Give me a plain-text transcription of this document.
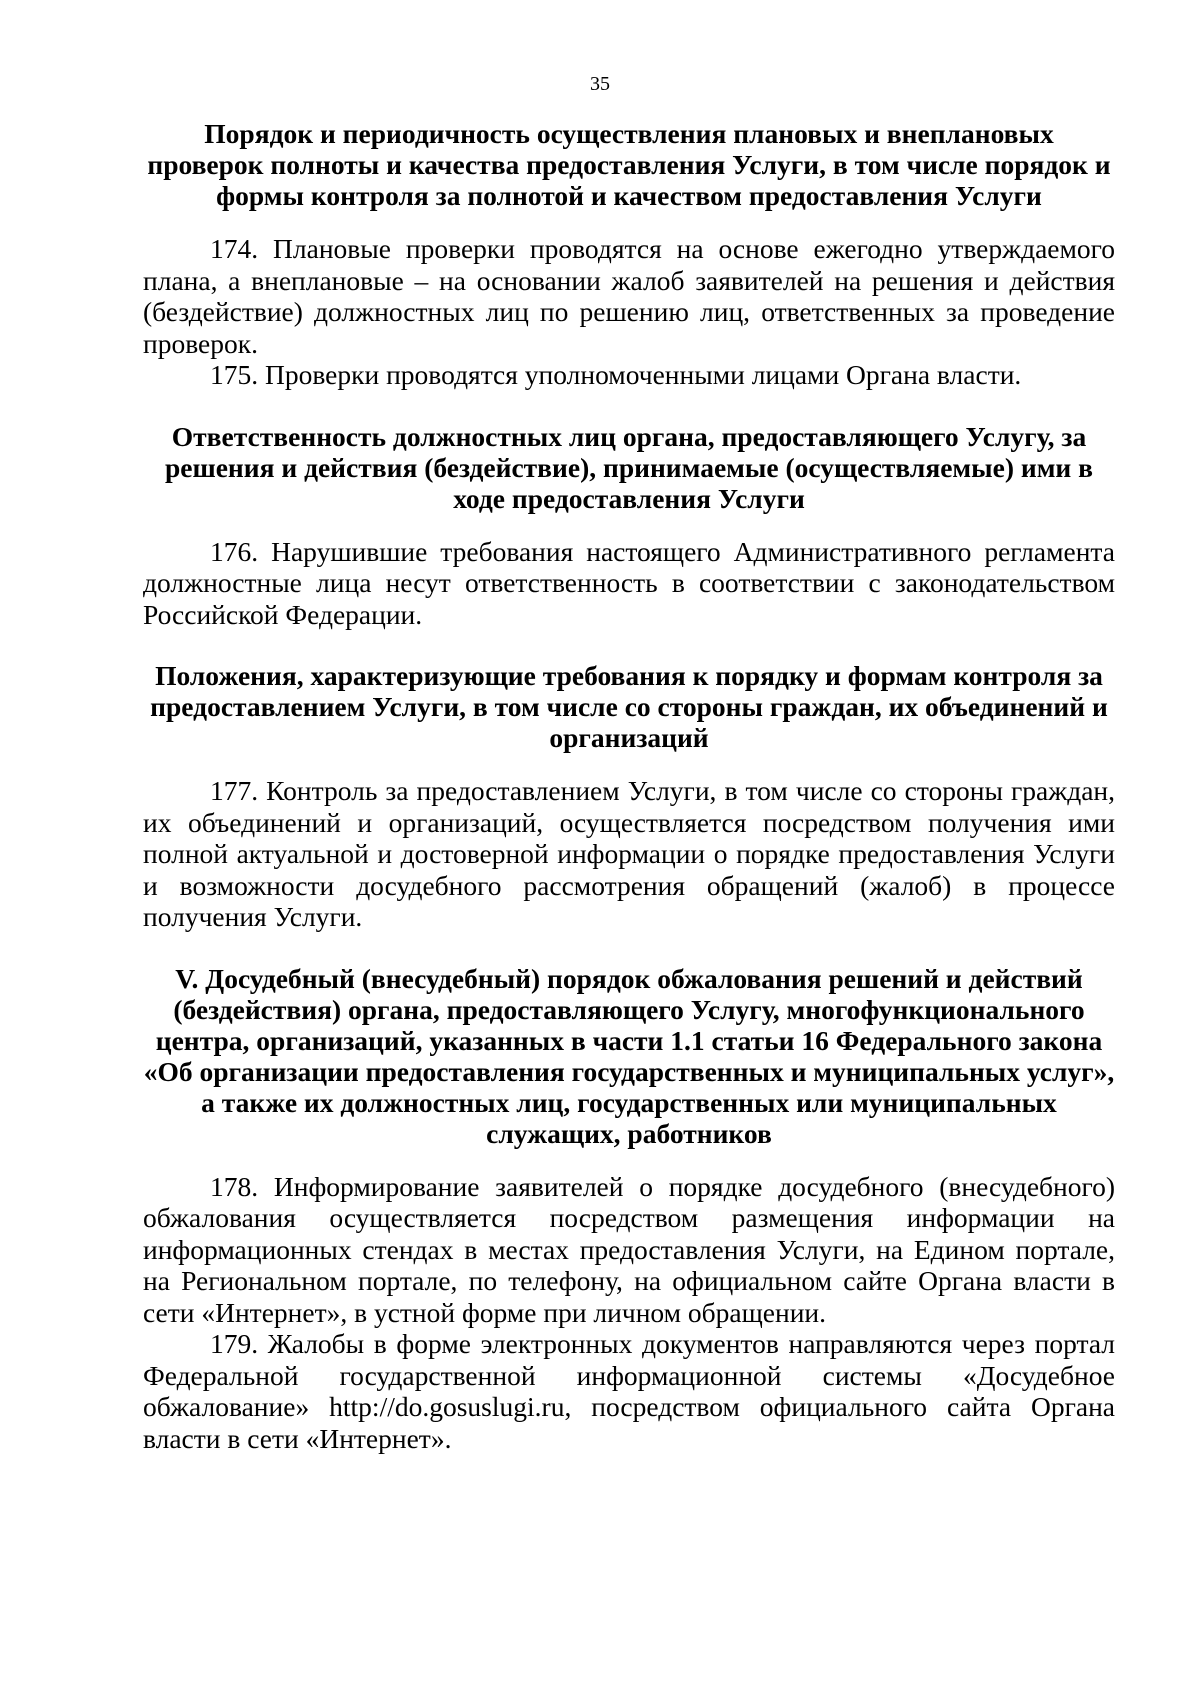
35
Порядок и периодичность осуществления плановых и внеплановых проверок полноты и качества предоставления Услуги, в том числе порядок и формы контроля за полнотой и качеством предоставления Услуги

174. Плановые проверки проводятся на основе ежегодно утверждаемого плана, а внеплановые – на основании жалоб заявителей на решения и действия (бездействие) должностных лиц по решению лиц, ответственных за проведение проверок.

175. Проверки проводятся уполномоченными лицами Органа власти.

Ответственность должностных лиц органа, предоставляющего Услугу, за решения и действия (бездействие), принимаемые (осуществляемые) ими в ходе предоставления Услуги

176. Нарушившие требования настоящего Административного регламента должностные лица несут ответственность в соответствии с законодательством Российской Федерации.

Положения, характеризующие требования к порядку и формам контроля за предоставлением Услуги, в том числе со стороны граждан, их объединений и организаций

177. Контроль за предоставлением Услуги, в том числе со стороны граждан, их объединений и организаций, осуществляется посредством получения ими полной актуальной и достоверной информации о порядке предоставления Услуги и возможности досудебного рассмотрения обращений (жалоб) в процессе получения Услуги.

V. Досудебный (внесудебный) порядок обжалования решений и действий (бездействия) органа, предоставляющего Услугу, многофункционального центра, организаций, указанных в части 1.1 статьи 16 Федерального закона «Об организации предоставления государственных и муниципальных услуг», а также их должностных лиц, государственных или муниципальных служащих, работников

178. Информирование заявителей о порядке досудебного (внесудебного) обжалования осуществляется посредством размещения информации на информационных стендах в местах предоставления Услуги, на Едином портале, на Региональном портале, по телефону, на официальном сайте Органа власти в сети «Интернет», в устной форме при личном обращении.

179. Жалобы в форме электронных документов направляются через портал Федеральной государственной информационной системы «Досудебное обжалование» http://do.gosuslugi.ru, посредством официального сайта Органа власти в сети «Интернет».
